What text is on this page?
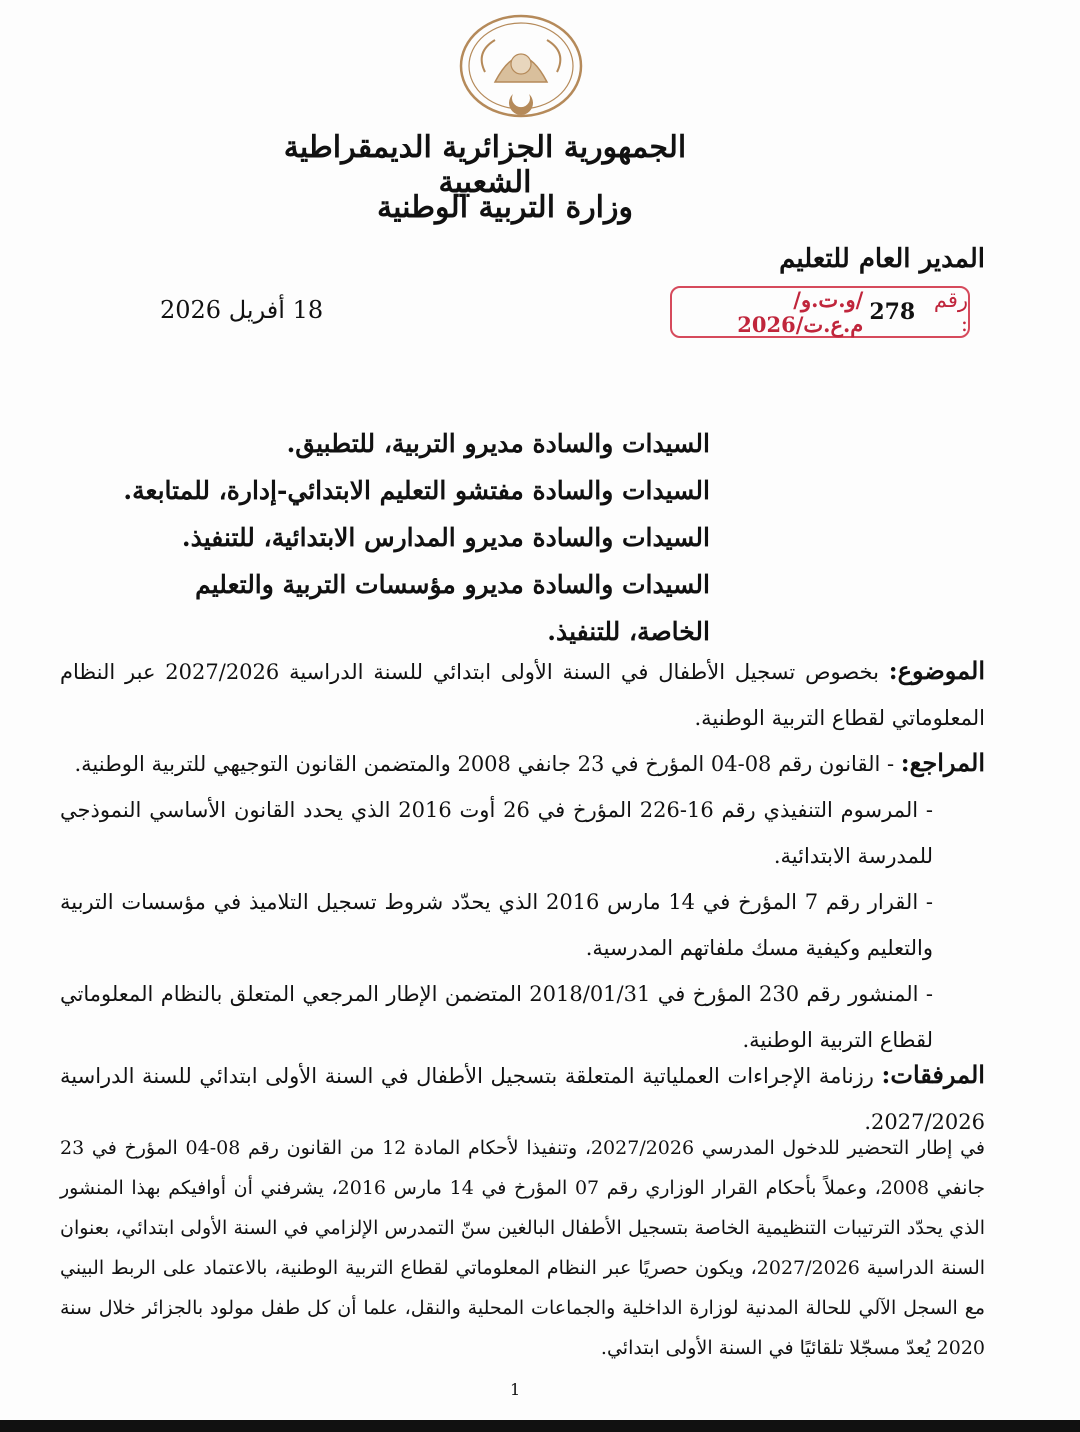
الجمهورية الجزائرية الديمقراطية الشعبية
وزارة التربية الوطنية
المدير العام للتعليم
رقم :
278
/و.ت.و/م.ع.ت/2026
18 أفريل 2026
السيدات والسادة مديرو التربية، للتطبيق.
السيدات والسادة مفتشو التعليم الابتدائي-إدارة، للمتابعة.
السيدات والسادة مديرو المدارس الابتدائية، للتنفيذ.
السيدات والسادة مديرو مؤسسات التربية والتعليم الخاصة، للتنفيذ.
الموضوع: بخصوص تسجيل الأطفال في السنة الأولى ابتدائي للسنة الدراسية 2027/2026 عبر النظام المعلوماتي لقطاع التربية الوطنية.
المراجع: - القانون رقم 08-04 المؤرخ في 23 جانفي 2008 والمتضمن القانون التوجيهي للتربية الوطنية.
- المرسوم التنفيذي رقم 16-226 المؤرخ في 26 أوت 2016 الذي يحدد القانون الأساسي النموذجي للمدرسة الابتدائية.
- القرار رقم 7 المؤرخ في 14 مارس 2016 الذي يحدّد شروط تسجيل التلاميذ في مؤسسات التربية والتعليم وكيفية مسك ملفاتهم المدرسية.
- المنشور رقم 230 المؤرخ في 2018/01/31 المتضمن الإطار المرجعي المتعلق بالنظام المعلوماتي لقطاع التربية الوطنية.
المرفقات: رزنامة الإجراءات العملياتية المتعلقة بتسجيل الأطفال في السنة الأولى ابتدائي للسنة الدراسية 2027/2026.
في إطار التحضير للدخول المدرسي 2027/2026، وتنفيذا لأحكام المادة 12 من القانون رقم 08-04 المؤرخ في 23 جانفي 2008، وعملاً بأحكام القرار الوزاري رقم 07 المؤرخ في 14 مارس 2016، يشرفني أن أوافيكم بهذا المنشور الذي يحدّد الترتيبات التنظيمية الخاصة بتسجيل الأطفال البالغين سنّ التمدرس الإلزامي في السنة الأولى ابتدائي، بعنوان السنة الدراسية 2027/2026، ويكون حصريًا عبر النظام المعلوماتي لقطاع التربية الوطنية، بالاعتماد على الربط البيني مع السجل الآلي للحالة المدنية لوزارة الداخلية والجماعات المحلية والنقل، علما أن كل طفل مولود بالجزائر خلال سنة 2020 يُعدّ مسجّلا تلقائيًا في السنة الأولى ابتدائي.
1
